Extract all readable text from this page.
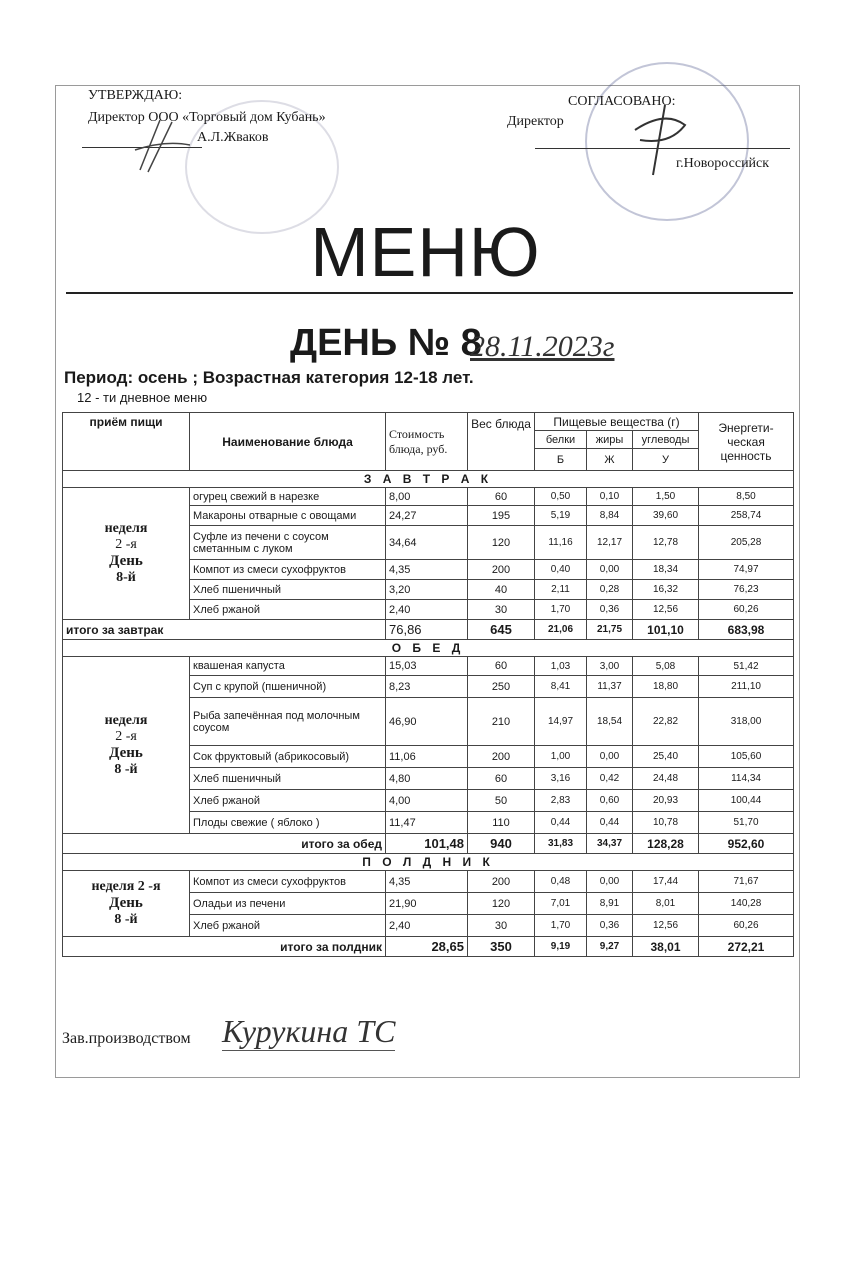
УТВЕРЖДАЮ:
Директор ООО «Торговый дом Кубань»
А.Л.Жваков
СОГЛАСОВАНО:
Директор
г.Новороссийск
МЕНЮ
ДЕНЬ № 8
28.11.2023г
Период: осень ; Возрастная категория 12-18 лет.
12 - ти дневное меню
приём пищи	Наименование блюда	Стоимость блюда, руб.	Вес блюда	Пищевые вещества (г)			Энергети-ческая ценность
				белки	жиры	углеводы	
				Б	Ж	У	
З А В Т Р А К							

неделя
2 -я
День
8-й	огурец свежий в нарезке	8,00	60	0,50	0,10	1,50	8,50
	Макароны отварные с овощами	24,27	195	5,19	8,84	39,60	258,74
	Суфле из печени с соусом сметанным с луком	34,64	120	11,16	12,17	12,78	205,28
	Компот из смеси сухофруктов	4,35	200	0,40	0,00	18,34	74,97
	Хлеб пшеничный	3,20	40	2,11	0,28	16,32	76,23
	Хлеб ржаной	2,40	30	1,70	0,36	12,56	60,26
итого за завтрак		76,86	645	21,06	21,75	101,10	683,98
О Б Е Д							

неделя
2 -я
День
8 -й	квашеная капуста	15,03	60	1,03	3,00	5,08	51,42
	Суп с крупой (пшеничной)	8,23	250	8,41	11,37	18,80	211,10
	Рыба запечённая под молочным соусом	46,90	210	14,97	18,54	22,82	318,00
	Сок фруктовый (абрикосовый)	11,06	200	1,00	0,00	25,40	105,60
	Хлеб пшеничный	4,80	60	3,16	0,42	24,48	114,34
	Хлеб ржаной	4,00	50	2,83	0,60	20,93	100,44
	Плоды свежие ( яблоко )	11,47	110	0,44	0,44	10,78	51,70
итого за обед		101,48	940	31,83	34,37	128,28	952,60
П О Л Д Н И К							

неделя 2 -я
День
8 -й	Компот из смеси сухофруктов	4,35	200	0,48	0,00	17,44	71,67
	Оладьи из печени	21,90	120	7,01	8,91	8,01	140,28
	Хлеб ржаной	2,40	30	1,70	0,36	12,56	60,26
итого за полдник		28,65	350	9,19	9,27	38,01	272,21
Зав.производством Курукина ТС
